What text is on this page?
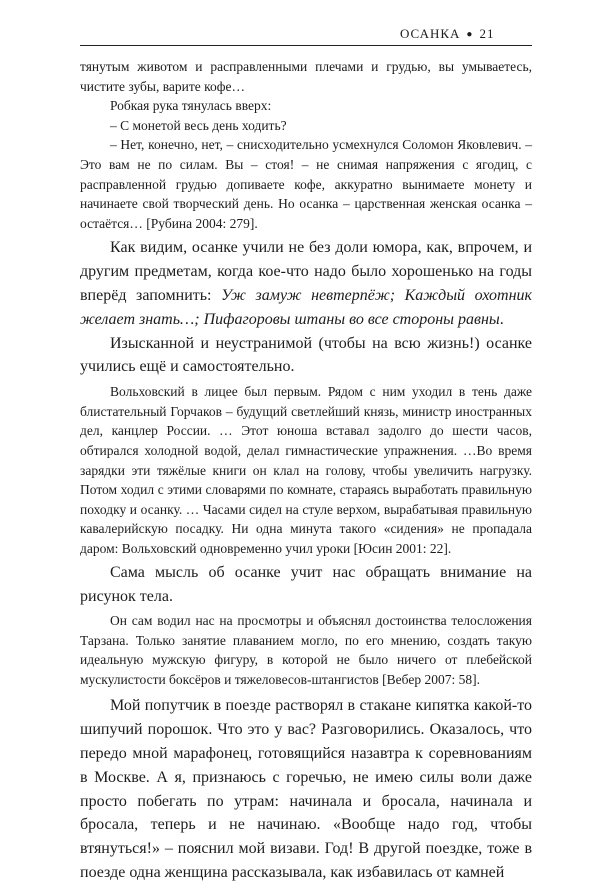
ОСАНКА ● 21

тянутым животом и расправленными плечами и грудью, вы умываетесь, чистите зубы, варите кофе…

Робкая рука тянулась вверх:

– С монетой весь день ходить?

– Нет, конечно, нет, – снисходительно усмехнулся Соломон Яковлевич. – Это вам не по силам. Вы – стоя! – не снимая напряжения с ягодиц, с расправленной грудью допиваете кофе, аккуратно вынимаете монету и начинаете свой творческий день. Но осанка – царственная женская осанка – остаётся… [Рубина 2004: 279].

Как видим, осанке учили не без доли юмора, как, впрочем, и другим предметам, когда кое-что надо было хорошенько на годы вперёд запомнить: Уж замуж невтерпёж; Каждый охотник желает знать…; Пифагоровы штаны во все стороны равны.

Изысканной и неустранимой (чтобы на всю жизнь!) осанке учились ещё и самостоятельно.

Вольховский в лицее был первым. Рядом с ним уходил в тень даже блистательный Горчаков – будущий светлейший князь, министр иностранных дел, канцлер России. … Этот юноша вставал задолго до шести часов, обтирался холодной водой, делал гимнастические упражнения. …Во время зарядки эти тяжёлые книги он клал на голову, чтобы увеличить нагрузку. Потом ходил с этими словарями по комнате, стараясь выработать правильную походку и осанку. … Часами сидел на стуле верхом, вырабатывая правильную кавалерийскую посадку. Ни одна минута такого «сидения» не пропадала даром: Вольховский одновременно учил уроки [Юсин 2001: 22].

Сама мысль об осанке учит нас обращать внимание на рисунок тела.

Он сам водил нас на просмотры и объяснял достоинства телосложения Тарзана. Только занятие плаванием могло, по его мнению, создать такую идеальную мужскую фигуру, в которой не было ничего от плебейской мускулистости боксёров и тяжеловесов-штангистов [Вебер 2007: 58].

Мой попутчик в поезде растворял в стакане кипятка какой-то шипучий порошок. Что это у вас? Разговорились. Оказалось, что передо мной марафонец, готовящийся назавтра к соревнованиям в Москве. А я, признаюсь с горечью, не имею силы воли даже просто побегать по утрам: начинала и бросала, начинала и бросала, теперь и не начинаю. «Вообще надо год, чтобы втянуться!» – пояснил мой визави. Год! В другой поездке, тоже в поезде одна женщина рассказывала, как избавилась от камней
